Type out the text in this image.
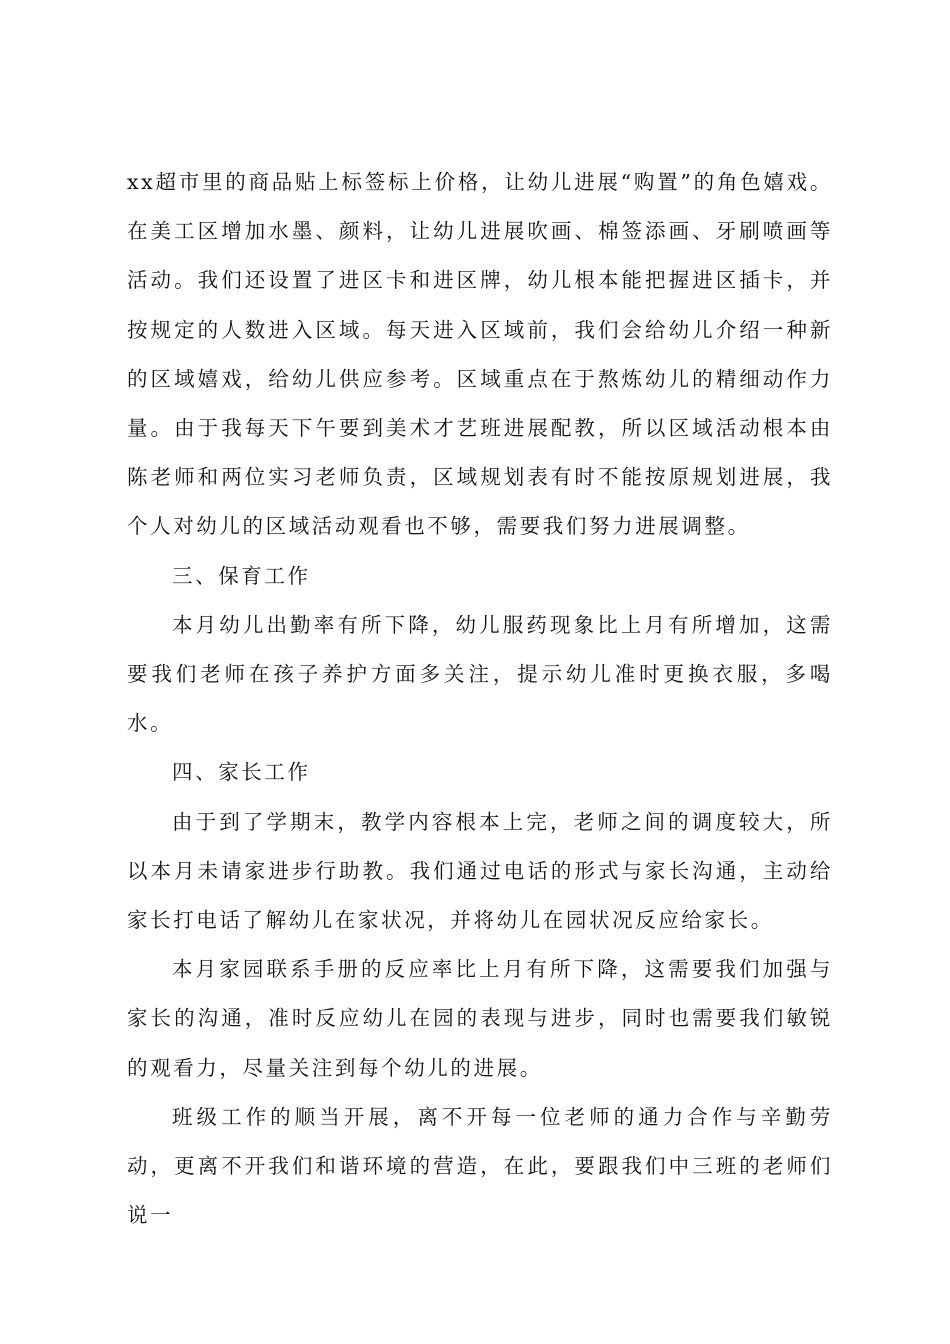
xx超市里的商品贴上标签标上价格，让幼儿进展“购置”的角色嬉戏。在美工区增加水墨、颜料，让幼儿进展吹画、棉签添画、牙刷喷画等活动。我们还设置了进区卡和进区牌，幼儿根本能把握进区插卡，并按规定的人数进入区域。每天进入区域前，我们会给幼儿介绍一种新的区域嬉戏，给幼儿供应参考。区域重点在于熬炼幼儿的精细动作力量。由于我每天下午要到美术才艺班进展配教，所以区域活动根本由陈老师和两位实习老师负责，区域规划表有时不能按原规划进展，我个人对幼儿的区域活动观看也不够，需要我们努力进展调整。

三、保育工作

本月幼儿出勤率有所下降，幼儿服药现象比上月有所增加，这需要我们老师在孩子养护方面多关注，提示幼儿准时更换衣服，多喝水。

四、家长工作

由于到了学期末，教学内容根本上完，老师之间的调度较大，所以本月未请家进步行助教。我们通过电话的形式与家长沟通，主动给家长打电话了解幼儿在家状况，并将幼儿在园状况反应给家长。

本月家园联系手册的反应率比上月有所下降，这需要我们加强与家长的沟通，准时反应幼儿在园的表现与进步，同时也需要我们敏锐的观看力，尽量关注到每个幼儿的进展。

班级工作的顺当开展，离不开每一位老师的通力合作与辛勤劳动，更离不开我们和谐环境的营造，在此，要跟我们中三班的老师们说一
